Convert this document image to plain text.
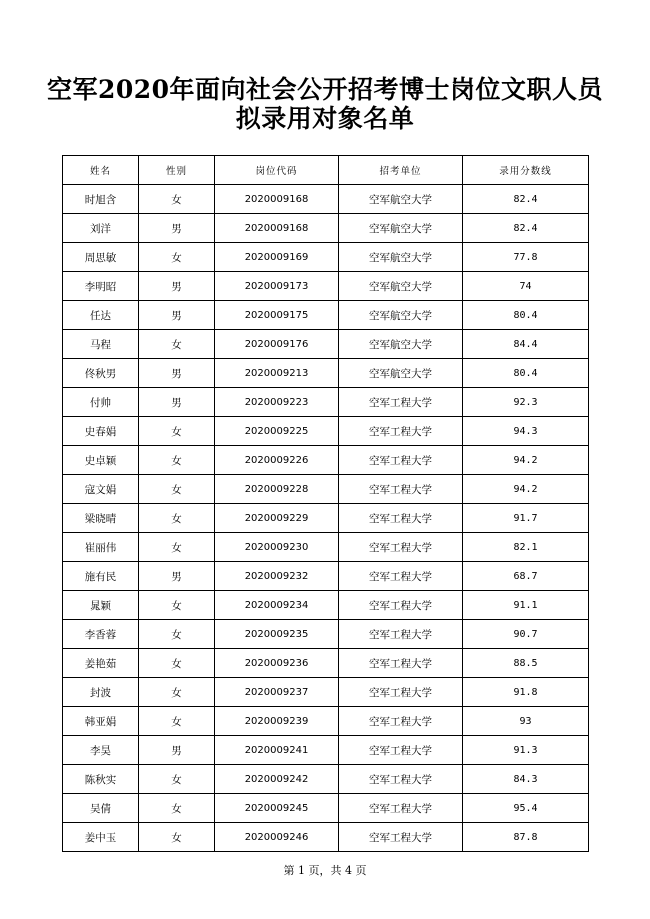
空军2020年面向社会公开招考博士岗位文职人员
拟录用对象名单
姓名	性别	岗位代码	招考单位	录用分数线
时旭含	女	2020009168	空军航空大学	82.4
刘洋	男	2020009168	空军航空大学	82.4
周思敏	女	2020009169	空军航空大学	77.8
李明昭	男	2020009173	空军航空大学	74
任达	男	2020009175	空军航空大学	80.4
马程	女	2020009176	空军航空大学	84.4
佟秋男	男	2020009213	空军航空大学	80.4
付帅	男	2020009223	空军工程大学	92.3
史春娟	女	2020009225	空军工程大学	94.3
史卓颖	女	2020009226	空军工程大学	94.2
寇文娟	女	2020009228	空军工程大学	94.2
梁晓晴	女	2020009229	空军工程大学	91.7
崔丽伟	女	2020009230	空军工程大学	82.1
施有民	男	2020009232	空军工程大学	68.7
晁颖	女	2020009234	空军工程大学	91.1
李香蓉	女	2020009235	空军工程大学	90.7
姜艳茹	女	2020009236	空军工程大学	88.5
封波	女	2020009237	空军工程大学	91.8
韩亚娟	女	2020009239	空军工程大学	93
李昊	男	2020009241	空军工程大学	91.3
陈秋实	女	2020009242	空军工程大学	84.3
吴倩	女	2020009245	空军工程大学	95.4
姜中玉	女	2020009246	空军工程大学	87.8
第 1 页，共 4 页
